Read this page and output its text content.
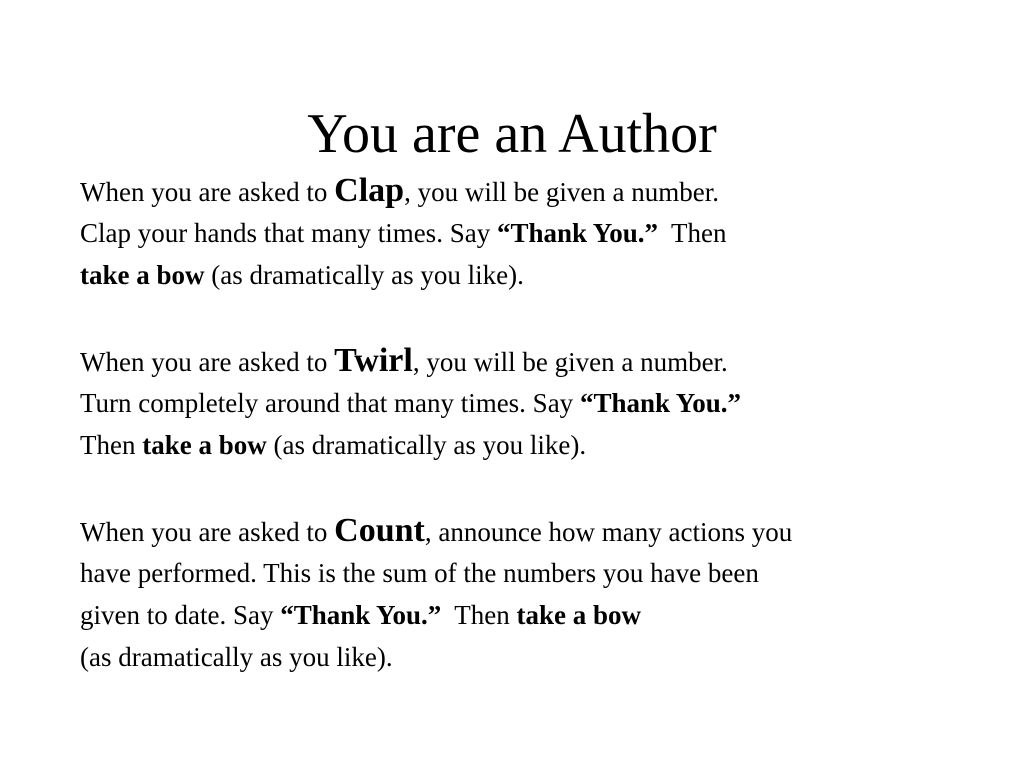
You are an Author
When you are asked to Clap, you will be given a number.
Clap your hands that many times. Say “Thank You.”  Then
take a bow (as dramatically as you like).
When you are asked to Twirl, you will be given a number.
Turn completely around that many times. Say “Thank You.”
Then take a bow (as dramatically as you like).
When you are asked to Count, announce how many actions you
have performed. This is the sum of the numbers you have been
given to date. Say “Thank You.”  Then take a bow
(as dramatically as you like).
